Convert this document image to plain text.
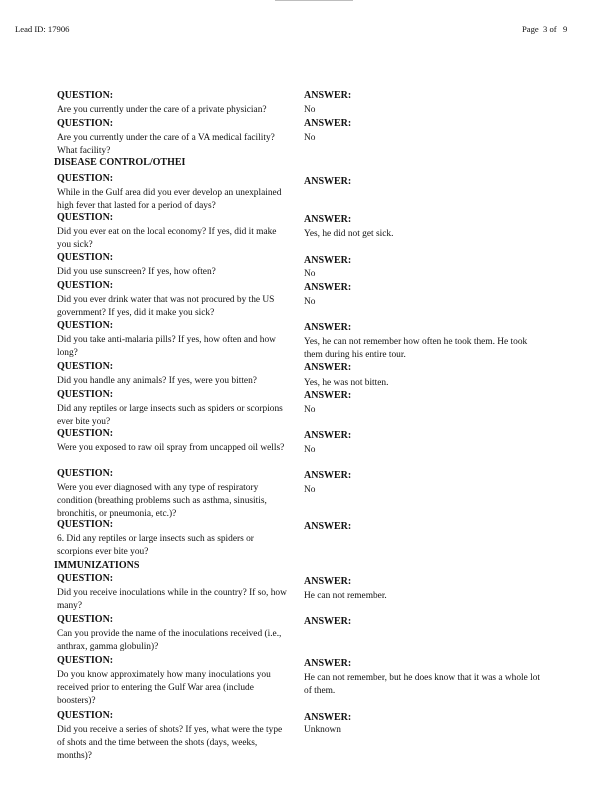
Lead ID: 17906	Page  3 of   9
DISEASE CONTROL/OTHEI
IMMUNIZATIONS
QUESTION:	ANSWER:
Are you currently under the care of a private physician?	No
QUESTION:	ANSWER:
Are you currently under the care of a VA medical facility? What facility?
No
QUESTION:	ANSWER:
While in the Gulf area did you ever develop an unexplained high fever that lasted for a period of days?
QUESTION:	ANSWER:
Did you ever eat on the local economy? If yes, did it make you sick?
Yes, he did not get sick.
QUESTION:	ANSWER:
Did you use sunscreen? If yes, how often?	No
QUESTION:	ANSWER:
Did you ever drink water that was not procured by the US government? If yes, did it make you sick?
No
QUESTION:	ANSWER:
Did you take anti-malaria pills? If yes, how often and how long?
Yes, he can not remember how often he took them. He took them during his entire tour.
QUESTION:	ANSWER:
Did you handle any animals? If yes, were you bitten?	Yes, he was not bitten.
QUESTION:	ANSWER:
Did any reptiles or large insects such as spiders or scorpions ever bite you?
No
QUESTION:	ANSWER:
Were you exposed to raw oil spray from uncapped oil wells?	No
QUESTION:	ANSWER:
Were you ever diagnosed with any type of respiratory condition (breathing problems such as asthma, sinusitis, bronchitis, or pneumonia, etc.)?
No
QUESTION:	ANSWER:
6. Did any reptiles or large insects such as spiders or scorpions ever bite you?
QUESTION:	ANSWER:
Did you receive inoculations while in the country? If so, how many?
He can not remember.
QUESTION:	ANSWER:
Can you provide the name of the inoculations received (i.e., anthrax, gamma globulin)?
QUESTION:	ANSWER:
Do you know approximately how many inoculations you received prior to entering the Gulf War area (include boosters)?
He can not remember, but he does know that it was a whole lot of them.
QUESTION:	ANSWER:
Did you receive a series of shots? If yes, what were the type of shots and the time between the shots (days, weeks, months)?
Unknown
